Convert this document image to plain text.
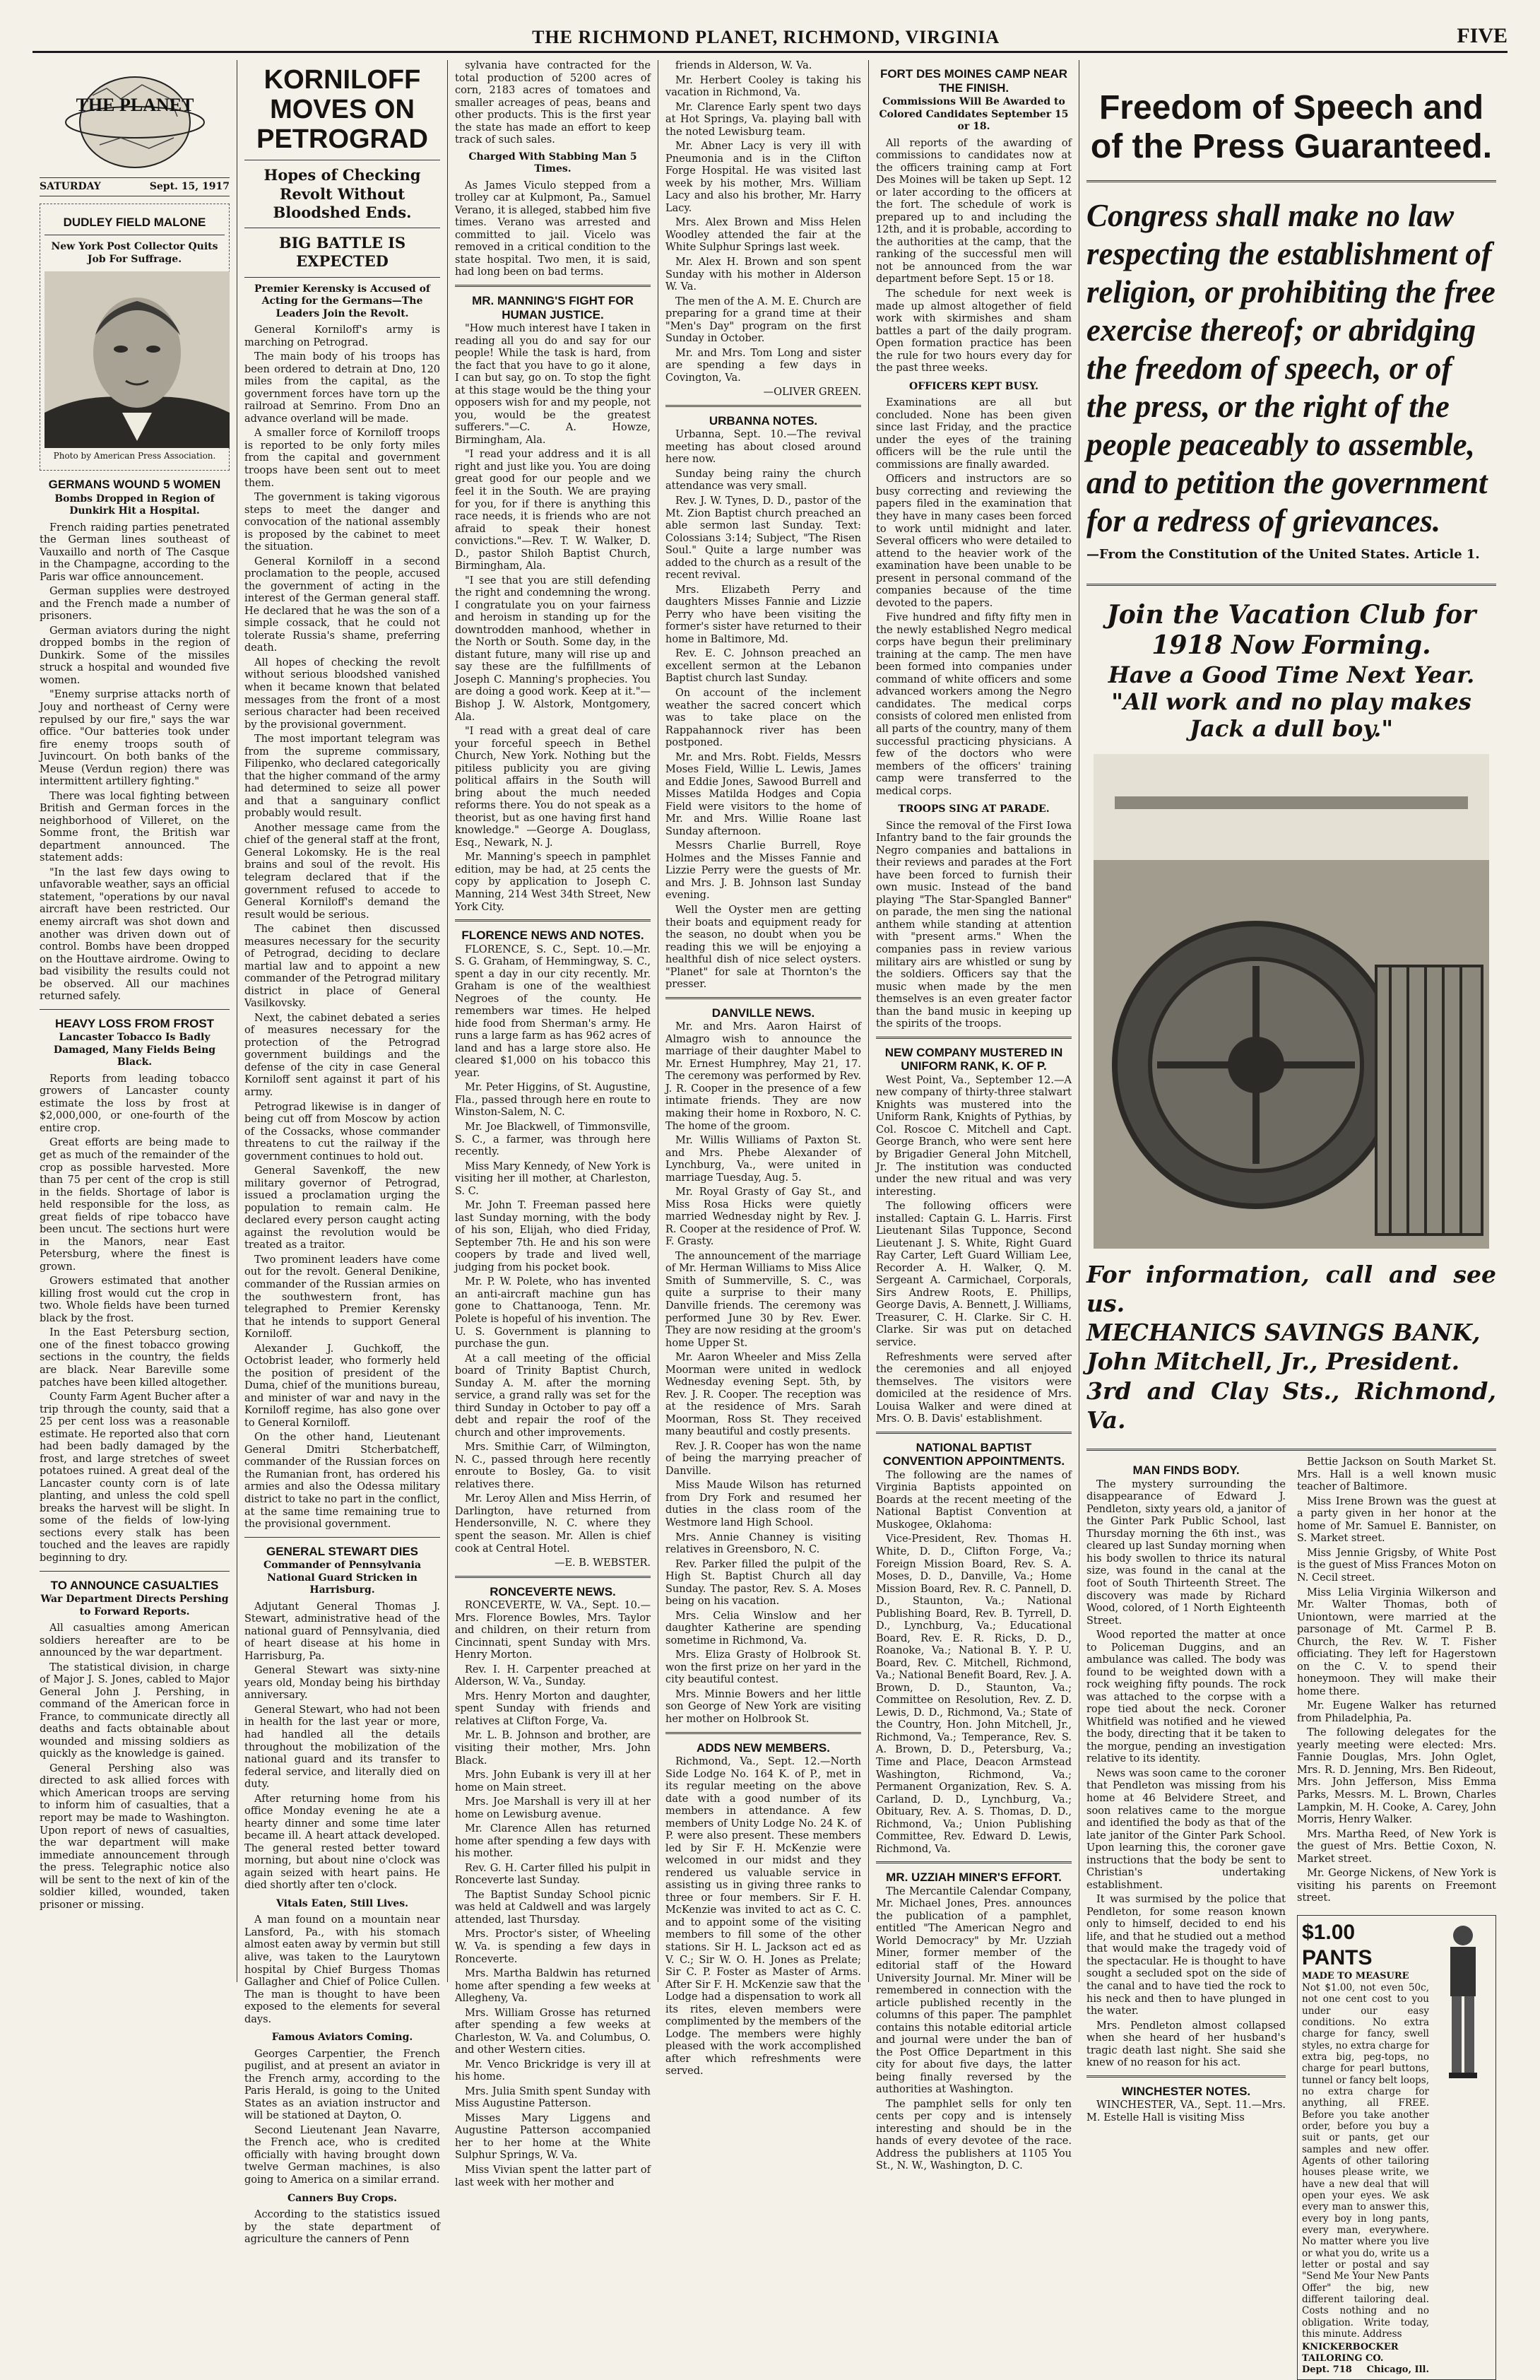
THE RICHMOND PLANET, RICHMOND, VIRGINIA	FIVE
THE PLANET
SATURDAY	Sept. 15, 1917
DUDLEY FIELD MALONE
New York Post Collector Quits Job For Suffrage.
Photo by American Press Association.
GERMANS WOUND 5 WOMEN
Bombs Dropped in Region of Dunkirk Hit a Hospital.

French raiding parties penetrated the German lines southeast of Vauxaillo and north of The Casque in the Champagne, according to the Paris war office announcement.

German supplies were destroyed and the French made a number of prisoners.

German aviators during the night dropped bombs in the region of Dunkirk. Some of the missiles struck a hospital and wounded five women.

"Enemy surprise attacks north of Jouy and northeast of Cerny were repulsed by our fire," says the war office. "Our batteries took under fire enemy troops south of Juvincourt. On both banks of the Meuse (Verdun region) there was intermittent artillery fighting."

There was local fighting between British and German forces in the neighborhood of Villeret, on the Somme front, the British war department announced. The statement adds:

"In the last few days owing to unfavorable weather, says an official statement, "operations by our naval aircraft have been restricted. Our enemy aircraft was shot down and another was driven down out of control. Bombs have been dropped on the Houttave airdrome. Owing to bad visibility the results could not be observed. All our machines returned safely.

HEAVY LOSS FROM FROST
Lancaster Tobacco Is Badly Damaged, Many Fields Being Black.

Reports from leading tobacco growers of Lancaster county estimate the loss by frost at $2,000,000, or one-fourth of the entire crop.

Great efforts are being made to get as much of the remainder of the crop as possible harvested. More than 75 per cent of the crop is still in the fields. Shortage of labor is held responsible for the loss, as great fields of ripe tobacco have been uncut. The sections hurt were in the Manors, near East Petersburg, where the finest is grown.

Growers estimated that another killing frost would cut the crop in two. Whole fields have been turned black by the frost.

In the East Petersburg section, one of the finest tobacco growing sections in the country, the fields are black. Near Bareville some patches have been killed altogether.

County Farm Agent Bucher after a trip through the county, said that a 25 per cent loss was a reasonable estimate. He reported also that corn had been badly damaged by the frost, and large stretches of sweet potatoes ruined. A great deal of the Lancaster county corn is of late planting, and unless the cold spell breaks the harvest will be slight. In some of the fields of low-lying sections every stalk has been touched and the leaves are rapidly beginning to dry.

TO ANNOUNCE CASUALTIES
War Department Directs Pershing to Forward Reports.

All casualties among American soldiers hereafter are to be announced by the war department.

The statistical division, in charge of Major J. S. Jones, cabled to Major General John J. Pershing, in command of the American force in France, to communicate directly all deaths and facts obtainable about wounded and missing soldiers as quickly as the knowledge is gained.

General Pershing also was directed to ask allied forces with which American troops are serving to inform him of casualties, that a report may be made to Washington. Upon report of news of casualties, the war department will make immediate announcement through the press. Telegraphic notice also will be sent to the next of kin of the soldier killed, wounded, taken prisoner or missing.

KORNILOFF MOVES ON PETROGRAD
Hopes of Checking Revolt Without Bloodshed Ends.
BIG BATTLE IS EXPECTED
Premier Kerensky is Accused of Acting for the Germans—The Leaders Join the Revolt.

General Korniloff's army is marching on Petrograd.

The main body of his troops has been ordered to detrain at Dno, 120 miles from the capital, as the government forces have torn up the railroad at Semrino. From Dno an advance overland will be made.

A smaller force of Korniloff troops is reported to be only forty miles from the capital and government troops have been sent out to meet them.

The government is taking vigorous steps to meet the danger and convocation of the national assembly is proposed by the cabinet to meet the situation.

General Korniloff in a second proclamation to the people, accused the government of acting in the interest of the German general staff. He declared that he was the son of a simple cossack, that he could not tolerate Russia's shame, preferring death.

All hopes of checking the revolt without serious bloodshed vanished when it became known that belated messages from the front of a most serious character had been received by the provisional government.

The most important telegram was from the supreme commissary, Filipenko, who declared categorically that the higher command of the army had determined to seize all power and that a sanguinary conflict probably would result.

Another message came from the chief of the general staff at the front, General Lokomsky. He is the real brains and soul of the revolt. His telegram declared that if the government refused to accede to General Korniloff's demand the result would be serious.

The cabinet then discussed measures necessary for the security of Petrograd, deciding to declare martial law and to appoint a new commander of the Petrograd military district in place of General Vasilkovsky.

Next, the cabinet debated a series of measures necessary for the protection of the Petrograd government buildings and the defense of the city in case General Korniloff sent against it part of his army.

Petrograd likewise is in danger of being cut off from Moscow by action of the Cossacks, whose commander threatens to cut the railway if the government continues to hold out.

General Savenkoff, the new military governor of Petrograd, issued a proclamation urging the population to remain calm. He declared every person caught acting against the revolution would be treated as a traitor.

Two prominent leaders have come out for the revolt. General Denikine, commander of the Russian armies on the southwestern front, has telegraphed to Premier Kerensky that he intends to support General Korniloff.

Alexander J. Guchkoff, the Octobrist leader, who formerly held the position of president of the Duma, chief of the munitions bureau, and minister of war and navy in the Korniloff regime, has also gone over to General Korniloff.

On the other hand, Lieutenant General Dmitri Stcherbatcheff, commander of the Russian forces on the Rumanian front, has ordered his armies and also the Odessa military district to take no part in the conflict, at the same time remaining true to the provisional government.

GENERAL STEWART DIES
Commander of Pennsylvania National Guard Stricken in Harrisburg.

Adjutant General Thomas J. Stewart, administrative head of the national guard of Pennsylvania, died of heart disease at his home in Harrisburg, Pa.

General Stewart was sixty-nine years old, Monday being his birthday anniversary.

General Stewart, who had not been in health for the last year or more, had handled all the details throughout the mobilization of the national guard and its transfer to federal service, and literally died on duty.

After returning home from his office Monday evening he ate a hearty dinner and some time later became ill. A heart attack developed. The general rested better toward morning, but about nine o'clock was again seized with heart pains. He died shortly after ten o'clock.

Vitals Eaten, Still Lives.

A man found on a mountain near Lansford, Pa., with his stomach almost eaten away by vermin but still alive, was taken to the Laurytown hospital by Chief Burgess Thomas Gallagher and Chief of Police Cullen. The man is thought to have been exposed to the elements for several days.

Famous Aviators Coming.

Georges Carpentier, the French pugilist, and at present an aviator in the French army, according to the Paris Herald, is going to the United States as an aviation instructor and will be stationed at Dayton, O.

Second Lieutenant Jean Navarre, the French ace, who is credited officially with having brought down twelve German machines, is also going to America on a similar errand.

Canners Buy Crops.

According to the statistics issued by the state department of agriculture the canners of Penn

sylvania have contracted for the total production of 5200 acres of corn, 2183 acres of tomatoes and smaller acreages of peas, beans and other products. This is the first year the state has made an effort to keep track of such sales.

Charged With Stabbing Man 5 Times.

As James Viculo stepped from a trolley car at Kulpmont, Pa., Samuel Verano, it is alleged, stabbed him five times. Verano was arrested and committed to jail. Vicelo was removed in a critical condition to the state hospital. Two men, it is said, had long been on bad terms.

MR. MANNING'S FIGHT FOR HUMAN JUSTICE.

"How much interest have I taken in reading all you do and say for our people! While the task is hard, from the fact that you have to go it alone, I can but say, go on. To stop the fight at this stage would be the thing your opposers wish for and my people, not you, would be the greatest sufferers."—C. A. Howze, Birmingham, Ala.

"I read your address and it is all right and just like you. You are doing great good for our people and we feel it in the South. We are praying for you, for if there is anything this race needs, it is friends who are not afraid to speak their honest convictions."—Rev. T. W. Walker, D. D., pastor Shiloh Baptist Church, Birmingham, Ala.

"I see that you are still defending the right and condemning the wrong. I congratulate you on your fairness and heroism in standing up for the downtrodden manhood, whether in the North or South. Some day, in the distant future, many will rise up and say these are the fulfillments of Joseph C. Manning's prophecies. You are doing a good work. Keep at it."—Bishop J. W. Alstork, Montgomery, Ala.

"I read with a great deal of care your forceful speech in Bethel Church, New York. Nothing but the pitiless publicity you are giving political affairs in the South will bring about the much needed reforms there. You do not speak as a theorist, but as one having first hand knowledge." —George A. Douglass, Esq., Newark, N. J.

Mr. Manning's speech in pamphlet edition, may be had, at 25 cents the copy by application to Joseph C. Manning, 214 West 34th Street, New York City.

FLORENCE NEWS AND NOTES.

FLORENCE, S. C., Sept. 10.—Mr. S. G. Graham, of Hemmingway, S. C., spent a day in our city recently. Mr. Graham is one of the wealthiest Negroes of the county. He remembers war times. He helped hide food from Sherman's army. He runs a large farm as has 962 acres of land and has a large store also. He cleared $1,000 on his tobacco this year.

Mr. Peter Higgins, of St. Augustine, Fla., passed through here en route to Winston-Salem, N. C.

Mr. Joe Blackwell, of Timmonsville, S. C., a farmer, was through here recently.

Miss Mary Kennedy, of New York is visiting her ill mother, at Charleston, S. C.

Mr. John T. Freeman passed here last Sunday morning, with the body of his son, Elijah, who died Friday, September 7th. He and his son were coopers by trade and lived well, judging from his pocket book.

Mr. P. W. Polete, who has invented an anti-aircraft machine gun has gone to Chattanooga, Tenn. Mr. Polete is hopeful of his invention. The U. S. Government is planning to purchase the gun.

At a call meeting of the official board of Trinity Baptist Church, Sunday A. M. after the morning service, a grand rally was set for the third Sunday in October to pay off a debt and repair the roof of the church and other improvements.

Mrs. Smithie Carr, of Wilmington, N. C., passed through here recently enroute to Bosley, Ga. to visit relatives there.

Mr. Leroy Allen and Miss Herrin, of Darlington, have returned from Hendersonville, N. C. where they spent the season. Mr. Allen is chief cook at Central Hotel.

—E. B. WEBSTER.

RONCEVERTE NEWS.

RONCEVERTE, W. VA., Sept. 10.—Mrs. Florence Bowles, Mrs. Taylor and children, on their return from Cincinnati, spent Sunday with Mrs. Henry Morton.

Rev. I. H. Carpenter preached at Alderson, W. Va., Sunday.

Mrs. Henry Morton and daughter, spent Sunday with friends and relatives at Clifton Forge, Va.

Mr. L. B. Johnson and brother, are visiting their mother, Mrs. John Black.

Mrs. John Eubank is very ill at her home on Main street.

Mrs. Joe Marshall is very ill at her home on Lewisburg avenue.

Mr. Clarence Allen has returned home after spending a few days with his mother.

Rev. G. H. Carter filled his pulpit in Ronceverte last Sunday.

The Baptist Sunday School picnic was held at Caldwell and was largely attended, last Thursday.

Mrs. Proctor's sister, of Wheeling W. Va. is spending a few days in Ronceverte.

Mrs. Martha Baldwin has returned home after spending a few weeks at Allegheny, Va.

Mrs. William Grosse has returned after spending a few weeks at Charleston, W. Va. and Columbus, O. and other Western cities.

Mr. Venco Brickridge is very ill at his home.

Mrs. Julia Smith spent Sunday with Miss Augustine Patterson.

Misses Mary Liggens and Augustine Patterson accompanied her to her home at the White Sulphur Springs, W. Va.

Miss Vivian spent the latter part of last week with her mother and

friends in Alderson, W. Va.

Mr. Herbert Cooley is taking his vacation in Richmond, Va.

Mr. Clarence Early spent two days at Hot Springs, Va. playing ball with the noted Lewisburg team.

Mr. Abner Lacy is very ill with Pneumonia and is in the Clifton Forge Hospital. He was visited last week by his mother, Mrs. William Lacy and also his brother, Mr. Harry Lacy.

Mrs. Alex Brown and Miss Helen Woodley attended the fair at the White Sulphur Springs last week.

Mr. Alex H. Brown and son spent Sunday with his mother in Alderson W. Va.

The men of the A. M. E. Church are preparing for a grand time at their "Men's Day" program on the first Sunday in October.

Mr. and Mrs. Tom Long and sister are spending a few days in Covington, Va.

—OLIVER GREEN.

URBANNA NOTES.

Urbanna, Sept. 10.—The revival meeting has about closed around here now.

Sunday being rainy the church attendance was very small.

Rev. J. W. Tynes, D. D., pastor of the Mt. Zion Baptist church preached an able sermon last Sunday. Text: Colossians 3:14; Subject, "The Risen Soul." Quite a large number was added to the church as a result of the recent revival.

Mrs. Elizabeth Perry and daughters Misses Fannie and Lizzie Perry who have been visiting the former's sister have returned to their home in Baltimore, Md.

Rev. E. C. Johnson preached an excellent sermon at the Lebanon Baptist church last Sunday.

On account of the inclement weather the sacred concert which was to take place on the Rappahannock river has been postponed.

Mr. and Mrs. Robt. Fields, Messrs Moses Field, Willie L. Lewis, James and Eddie Jones, Sawood Burrell and Misses Matilda Hodges and Copia Field were visitors to the home of Mr. and Mrs. Willie Roane last Sunday afternoon.

Messrs Charlie Burrell, Roye Holmes and the Misses Fannie and Lizzie Perry were the guests of Mr. and Mrs. J. B. Johnson last Sunday evening.

Well the Oyster men are getting their boats and equipment ready for the season, no doubt when you be reading this we will be enjoying a healthful dish of nice select oysters. "Planet" for sale at Thornton's the presser.

DANVILLE NEWS.

Mr. and Mrs. Aaron Hairst of Almagro wish to announce the marriage of their daughter Mabel to Mr. Ernest Humphrey, May 21, 17. The ceremony was performed by Rev. J. R. Cooper in the presence of a few intimate friends. They are now making their home in Roxboro, N. C. The home of the groom.

Mr. Willis Williams of Paxton St. and Mrs. Phebe Alexander of Lynchburg, Va., were united in marriage Tuesday, Aug. 5.

Mr. Royal Grasty of Gay St., and Miss Rosa Hicks were quietly married Wednesday night by Rev. J. R. Cooper at the residence of Prof. W. F. Grasty.

The announcement of the marriage of Mr. Herman Williams to Miss Alice Smith of Summerville, S. C., was quite a surprise to their many Danville friends. The ceremony was performed June 30 by Rev. Ewer. They are now residing at the groom's home Upper St.

Mr. Aaron Wheeler and Miss Zella Moorman were united in wedlock Wednesday evening Sept. 5th, by Rev. J. R. Cooper. The reception was at the residence of Mrs. Sarah Moorman, Ross St. They received many beautiful and costly presents.

Rev. J. R. Cooper has won the name of being the marrying preacher of Danville.

Miss Maude Wilson has returned from Dry Fork and resumed her duties in the class room of the Westmore land High School.

Mrs. Annie Channey is visiting relatives in Greensboro, N. C.

Rev. Parker filled the pulpit of the High St. Baptist Church all day Sunday. The pastor, Rev. S. A. Moses being on his vacation.

Mrs. Celia Winslow and her daughter Katherine are spending sometime in Richmond, Va.

Mrs. Eliza Grasty of Holbrook St. won the first prize on her yard in the city beautiful contest.

Mrs. Minnie Bowers and her little son George of New York are visiting her mother on Holbrook St.

ADDS NEW MEMBERS.

Richmond, Va., Sept. 12.—North Side Lodge No. 164 K. of P., met in its regular meeting on the above date with a good number of its members in attendance. A few members of Unity Lodge No. 24 K. of P. were also present. These members led by Sir F. H. McKenzie were welcomed in our midst and they rendered us valuable service in assisting us in giving three ranks to three or four members. Sir F. H. McKenzie was invited to act as C. C. and to appoint some of the visiting members to fill some of the other stations. Sir H. L. Jackson act ed as V. C.; Sir W. O. H. Jones as Prelate; Sir C. P. Foster as Master of Arms. After Sir F. H. McKenzie saw that the Lodge had a dispensation to work all its rites, eleven members were complimented by the members of the Lodge. The members were highly pleased with the work accomplished after which refreshments were served.

FORT DES MOINES CAMP NEAR THE FINISH.
Commissions Will Be Awarded to Colored Candidates September 15 or 18.

All reports of the awarding of commissions to candidates now at the officers training camp at Fort Des Moines will be taken up Sept. 12 or later according to the officers at the fort. The schedule of work is prepared up to and including the 12th, and it is probable, according to the authorities at the camp, that the ranking of the successful men will not be announced from the war department before Sept. 15 or 18.

The schedule for next week is made up almost altogether of field work with skirmishes and sham battles a part of the daily program. Open formation practice has been the rule for two hours every day for the past three weeks.

OFFICERS KEPT BUSY.

Examinations are all but concluded. None has been given since last Friday, and the practice under the eyes of the training officers will be the rule until the commissions are finally awarded.

Officers and instructors are so busy correcting and reviewing the papers filed in the examination that they have in many cases been forced to work until midnight and later. Several officers who were detailed to attend to the heavier work of the examination have been unable to be present in personal command of the companies because of the time devoted to the papers.

Five hundred and fifty fifty men in the newly established Negro medical corps have begun their preliminary training at the camp. The men have been formed into companies under command of white officers and some advanced workers among the Negro candidates. The medical corps consists of colored men enlisted from all parts of the country, many of them successful practicing physicians. A few of the doctors who were members of the officers' training camp were transferred to the medical corps.

TROOPS SING AT PARADE.

Since the removal of the First Iowa Infantry band to the fair grounds the Negro companies and battalions in their reviews and parades at the Fort have been forced to furnish their own music. Instead of the band playing "The Star-Spangled Banner" on parade, the men sing the national anthem while standing at attention with "present arms." When the companies pass in review various military airs are whistled or sung by the soldiers. Officers say that the music when made by the men themselves is an even greater factor than the band music in keeping up the spirits of the troops.

NEW COMPANY MUSTERED IN UNIFORM RANK, K. OF P.

West Point, Va., September 12.—A new company of thirty-three stalwart Knights was mustered into the Uniform Rank, Knights of Pythias, by Col. Roscoe C. Mitchell and Capt. George Branch, who were sent here by Brigadier General John Mitchell, Jr. The institution was conducted under the new ritual and was very interesting.

The following officers were installed: Captain G. L. Harris. First Lieutenant Silas Tupponce, Second Lieutenant J. S. White, Right Guard Ray Carter, Left Guard William Lee, Recorder A. H. Walker, Q. M. Sergeant A. Carmichael, Corporals, Sirs Andrew Roots, E. Phillips, George Davis, A. Bennett, J. Williams, Treasurer, C. H. Clarke. Sir C. H. Clarke. Sir was put on detached service.

Refreshments were served after the ceremonies and all enjoyed themselves. The visitors were domiciled at the residence of Mrs. Louisa Walker and were dined at Mrs. O. B. Davis' establishment.

NATIONAL BAPTIST CONVENTION APPOINTMENTS.

The following are the names of Virginia Baptists appointed on Boards at the recent meeting of the National Baptist Convention at Muskogee, Oklahoma:

Vice-President, Rev. Thomas H. White, D. D., Clifton Forge, Va.; Foreign Mission Board, Rev. S. A. Moses, D. D., Danville, Va.; Home Mission Board, Rev. R. C. Pannell, D. D., Staunton, Va.; National Publishing Board, Rev. B. Tyrrell, D. D., Lynchburg, Va.; Educational Board, Rev. E. R. Ricks, D. D., Roanoke, Va.; National B. Y. P. U. Board, Rev. C. Mitchell, Richmond, Va.; National Benefit Board, Rev. J. A. Brown, D. D., Staunton, Va.; Committee on Resolution, Rev. Z. D. Lewis, D. D., Richmond, Va.; State of the Country, Hon. John Mitchell, Jr., Richmond, Va.; Temperance, Rev. S. A. Brown, D. D., Petersburg, Va.; Time and Place, Deacon Armstead Washington, Richmond, Va.; Permanent Organization, Rev. S. A. Carland, D. D., Lynchburg, Va.; Obituary, Rev. A. S. Thomas, D. D., Richmond, Va.; Union Publishing Committee, Rev. Edward D. Lewis, Richmond, Va.

MR. UZZIAH MINER'S EFFORT.

The Mercantile Calendar Company, Mr. Michael Jones, Pres. announces the publication of a pamphlet, entitled "The American Negro and World Democracy" by Mr. Uzziah Miner, former member of the editorial staff of the Howard University Journal. Mr. Miner will be remembered in connection with the article published recently in the columns of this paper. The pamphlet contains this notable editorial article and journal were under the ban of the Post Office Department in this city for about five days, the latter being finally reversed by the authorities at Washington.

The pamphlet sells for only ten cents per copy and is intensely interesting and should be in the hands of every devotee of the race. Address the publishers at 1105 You St., N. W., Washington, D. C.

Freedom of Speech and of the Press Guaranteed.
Congress shall make no law respecting the establishment of religion, or prohibiting the free exercise thereof; or abridging the freedom of speech, or of the press, or the right of the people peaceably to assemble, and to petition the government for a redress of grievances.
—From the Constitution of the United States. Article 1.
Join the Vacation Club for 1918 Now Forming.
Have a Good Time Next Year.
"All work and no play makes Jack a dull boy."
For information, call and see us.
MECHANICS SAVINGS BANK,
John Mitchell, Jr., President.
3rd and Clay Sts., Richmond, Va.
MAN FINDS BODY.

The mystery surrounding the disappearance of Edward J. Pendleton, sixty years old, a janitor of the Ginter Park Public School, last Thursday morning the 6th inst., was cleared up last Sunday morning when his body swollen to thrice its natural size, was found in the canal at the foot of South Thirteenth Street. The discovery was made by Richard Wood, colored, of 1 North Eighteenth Street.

Wood reported the matter at once to Policeman Duggins, and an ambulance was called. The body was found to be weighted down with a rock weighing fifty pounds. The rock was attached to the corpse with a rope tied about the neck. Coroner Whitfield was notified and he viewed the body, directing that it be taken to the morgue, pending an investigation relative to its identity.

News was soon came to the coroner that Pendleton was missing from his home at 46 Belvidere Street, and soon relatives came to the morgue and identified the body as that of the late janitor of the Ginter Park School. Upon learning this, the coroner gave instructions that the body be sent to Christian's undertaking establishment.

It was surmised by the police that Pendleton, for some reason known only to himself, decided to end his life, and that he studied out a method that would make the tragedy void of the spectacular. He is thought to have sought a secluded spot on the side of the canal and to have tied the rock to his neck and then to have plunged in the water.

Mrs. Pendleton almost collapsed when she heard of her husband's tragic death last night. She said she knew of no reason for his act.

WINCHESTER NOTES.

WINCHESTER, VA., Sept. 11.—Mrs. M. Estelle Hall is visiting Miss

Bettie Jackson on South Market St. Mrs. Hall is a well known music teacher of Baltimore.

Miss Irene Brown was the guest at a party given in her honor at the home of Mr. Samuel E. Bannister, on S. Market street.

Miss Jennie Grigsby, of White Post is the guest of Miss Frances Moton on N. Cecil street.

Miss Lelia Virginia Wilkerson and Mr. Walter Thomas, both of Uniontown, were married at the parsonage of Mt. Carmel P. B. Church, the Rev. W. T. Fisher officiating. They left for Hagerstown on the C. V. to spend their honeymoon. They will make their home there.

Mr. Eugene Walker has returned from Philadelphia, Pa.

The following delegates for the yearly meeting were elected: Mrs. Fannie Douglas, Mrs. John Oglet, Mrs. R. D. Jenning, Mrs. Ben Rideout, Mrs. John Jefferson, Miss Emma Parks, Messrs. M. L. Brown, Charles Lampkin, M. H. Cooke, A. Carey, John Morris, Henry Walker.

Mrs. Martha Reed, of New York is the guest of Mrs. Bettie Coxon, N. Market street.

Mr. George Nickens, of New York is visiting his parents on Freemont street.

$1.00 PANTS
MADE TO MEASURE
Not $1.00, not even 50c, not one cent cost to you under our easy conditions. No extra charge for fancy, swell styles, no extra charge for extra big, peg-tops, no charge for pearl buttons, tunnel or fancy belt loops, no extra charge for anything, all FREE. Before you take another order, before you buy a suit or pants, get our samples and new offer. Agents of other tailoring houses please write, we have a new deal that will open your eyes. We ask every man to answer this, every boy in long pants, every man, everywhere. No matter where you live or what you do, write us a letter or postal and say "Send Me Your New Pants Offer" the big, new different tailoring deal. Costs nothing and no obligation. Write today, this minute. Address
KNICKERBOCKER TAILORING CO.
Dept. 718 Chicago, Ill.
